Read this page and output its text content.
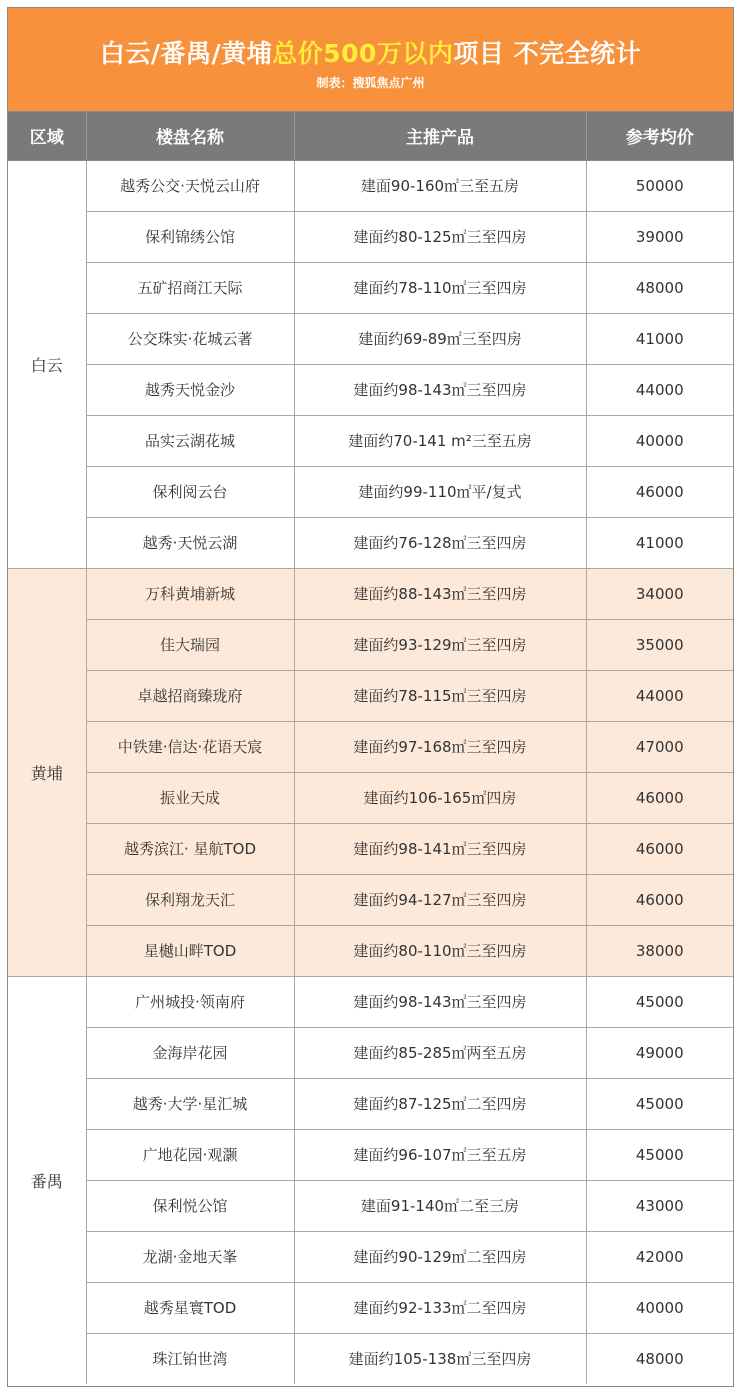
白云/番禺/黄埔总价500万以内项目 不完全统计
制表：搜狐焦点广州
区域	楼盘名称	主推产品	参考均价
白云	越秀公交·天悦云山府	建面90-160㎡三至五房	50000
	保利锦绣公馆	建面约80-125㎡三至四房	39000
	五矿招商江天际	建面约78-110㎡三至四房	48000
	公交珠实·花城云著	建面约69-89㎡三至四房	41000
	越秀天悦金沙	建面约98-143㎡三至四房	44000
	品实云湖花城	建面约70-141 m²三至五房	40000
	保利阅云台	建面约99-110㎡平/复式	46000
	越秀·天悦云湖	建面约76-128㎡三至四房	41000
黄埔	万科黄埔新城	建面约88-143㎡三至四房	34000
	佳大瑞园	建面约93-129㎡三至四房	35000
	卓越招商臻珑府	建面约78-115㎡三至四房	44000
	中铁建·信达·花语天宸	建面约97-168㎡三至四房	47000
	振业天成	建面约106-165㎡四房	46000
	越秀滨江· 星航TOD	建面约98-141㎡三至四房	46000
	保利翔龙天汇	建面约94-127㎡三至四房	46000
	星樾山畔TOD	建面约80-110㎡三至四房	38000
番禺	广州城投·领南府	建面约98-143㎡三至四房	45000
	金海岸花园	建面约85-285㎡两至五房	49000
	越秀·大学·星汇城	建面约87-125㎡二至四房	45000
	广地花园·观灏	建面约96-107㎡三至五房	45000
	保利悦公馆	建面91-140㎡二至三房	43000
	龙湖·金地天峯	建面约90-129㎡二至四房	42000
	越秀星寰TOD	建面约92-133㎡二至四房	40000
	珠江铂世湾	建面约105-138㎡三至四房	48000
